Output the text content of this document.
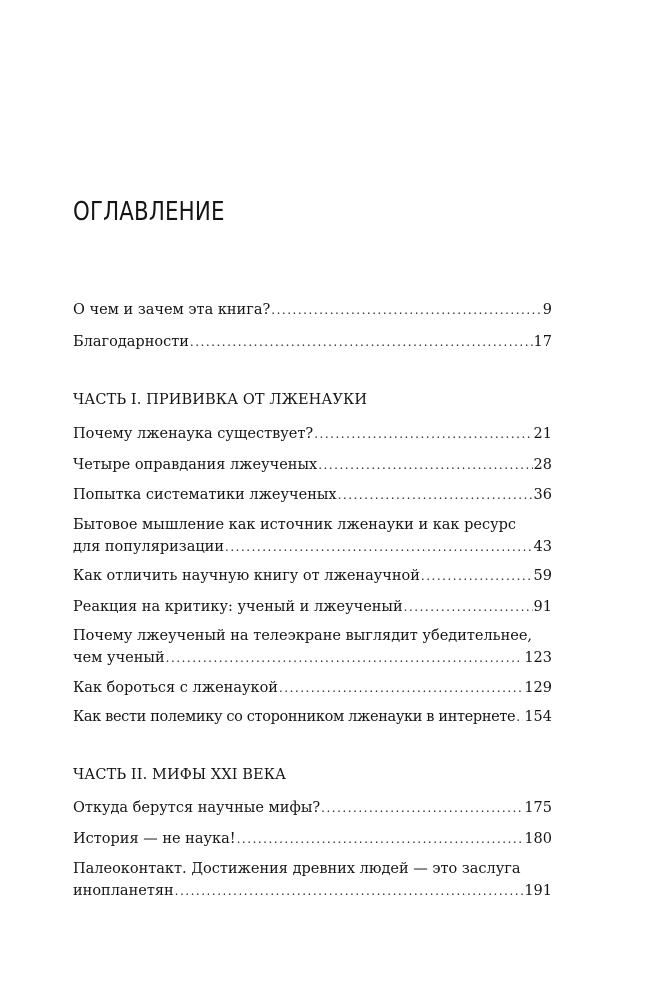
ОГЛАВЛЕНИЕ
О чем и зачем эта книга? .....	9
Благодарности .....	17
ЧАСТЬ I. ПРИВИВКА ОТ ЛЖЕНАУКИ
Почему лженаука существует? .....	21
Четыре оправдания лжеученых .....	28
Попытка систематики лжеученых .....	36
Бытовое мышление как источник лженауки и как ресурс
для популяризации .....	43
Как отличить научную книгу от лженаучной .....	59
Реакция на критику: ученый и лжеученый .....	91
Почему лжеученый на телеэкране выглядит убедительнее,
чем ученый .....	123
Как бороться с лженаукой .....	129
Как вести полемику со сторонником лженауки в интернете ..... 154
ЧАСТЬ II. МИФЫ XXI ВЕКА
Откуда берутся научные мифы? .....	175
История — не наука! .....	180
Палеоконтакт. Достижения древних людей — это заслуга
инопланетян .....	191
